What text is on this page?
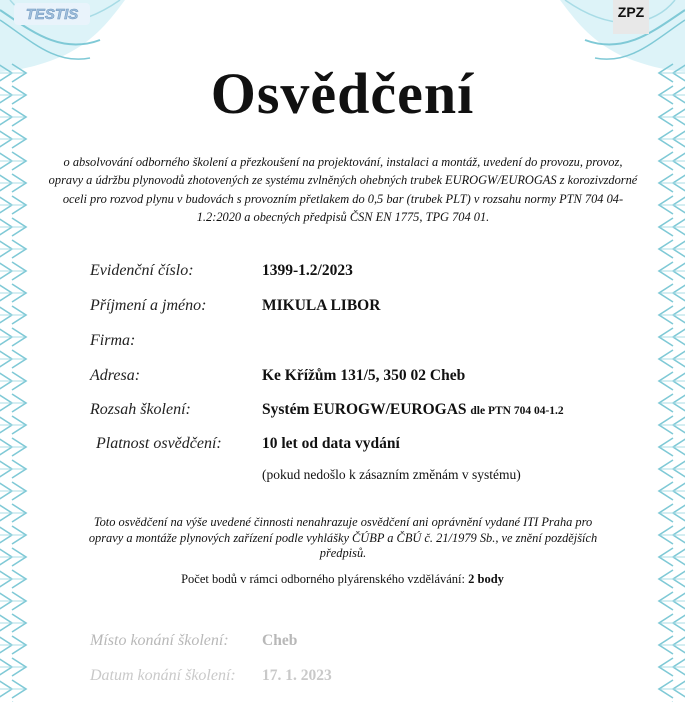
TESTIS	ZPZ
Osvědčení

o absolvování odborného školení a přezkoušení na projektování, instalaci a montáž, uvedení do provozu, provoz, opravy a údržbu plynovodů zhotovených ze systému zvlněných ohebných trubek EUROGW/EUROGAS z korozivzdorné oceli pro rozvod plynu v budovách s provozním přetlakem do 0,5 bar (trubek PLT) v rozsahu normy PTN 704 04-1.2:2020 a obecných předpisů ČSN EN 1775, TPG 704 01.

Evidenční číslo:	1399-1.2/2023
Příjmení a jméno:	MIKULA LIBOR
Firma:
Adresa:	Ke Křížům 131/5, 350 02 Cheb
Rozsah školení:	Systém EUROGW/EUROGAS dle PTN 704 04-1.2
Platnost osvědčení:	10 let od data vydání
(pokud nedošlo k zásazním změnám v systému)

Toto osvědčení na výše uvedené činnosti nenahrazuje osvědčení ani oprávnění vydané ITI Praha pro opravy a montáže plynových zařízení podle vyhlášky ČÚBP a ČBÚ č. 21/1979 Sb., ve znění pozdějších předpisů.

Počet bodů v rámci odborného plyárenského vzdělávání: 2 body
Místo konání školení: Cheb
Datum konání školení: 17. 1. 2023
